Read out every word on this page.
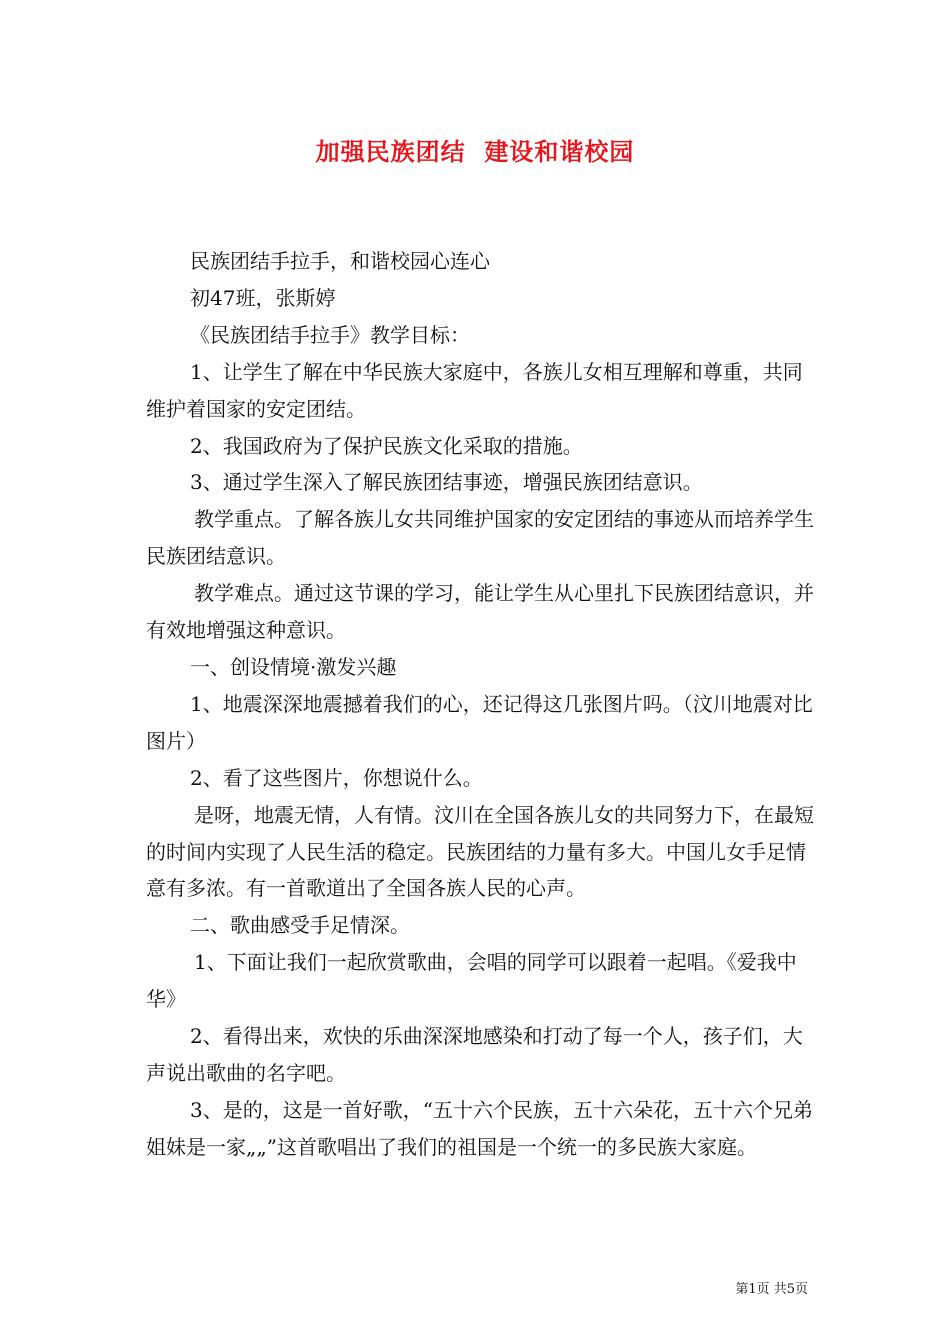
加强民族团结  建设和谐校园

民族团结手拉手，和谐校园心连心

初47班，张斯婷

《民族团结手拉手》教学目标：

1、让学生了解在中华民族大家庭中，各族儿女相互理解和尊重，共同维护着国家的安定团结。

2、我国政府为了保护民族文化采取的措施。

3、通过学生深入了解民族团结事迹，增强民族团结意识。

教学重点。了解各族儿女共同维护国家的安定团结的事迹从而培养学生民族团结意识。

教学难点。通过这节课的学习，能让学生从心里扎下民族团结意识，并有效地增强这种意识。

一、创设情境·激发兴趣

1、地震深深地震撼着我们的心，还记得这几张图片吗。（汶川地震对比图片）

2、看了这些图片，你想说什么。

是呀，地震无情，人有情。汶川在全国各族儿女的共同努力下，在最短的时间内实现了人民生活的稳定。民族团结的力量有多大。中国儿女手足情意有多浓。有一首歌道出了全国各族人民的心声。

二、歌曲感受手足情深。

1、下面让我们一起欣赏歌曲，会唱的同学可以跟着一起唱。《爱我中华》

2、看得出来，欢快的乐曲深深地感染和打动了每一个人，孩子们，大声说出歌曲的名字吧。

3、是的，这是一首好歌，“五十六个民族，五十六朵花，五十六个兄弟姐妹是一家„„”这首歌唱出了我们的祖国是一个统一的多民族大家庭。

第1页 共5页
